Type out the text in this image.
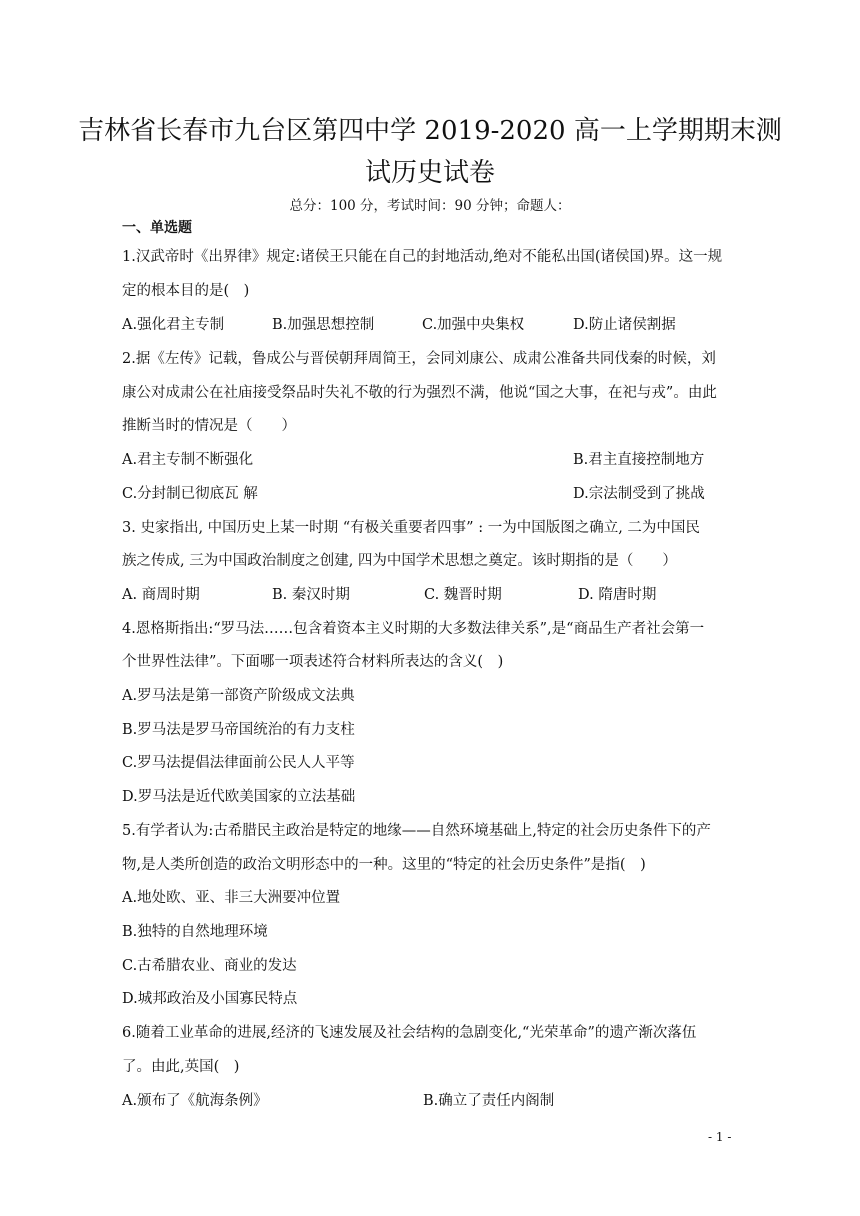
吉林省长春市九台区第四中学 2019-2020 高一上学期期末测
试历史试卷
总分：100 分，考试时间：90 分钟；命题人：
一、单选题
1.汉武帝时《出界律》规定:诸侯王只能在自己的封地活动,绝对不能私出国(诸侯国)界。这一规
定的根本目的是(　)
A.强化君主专制	B.加强思想控制	C.加强中央集权	D.防止诸侯割据
2.据《左传》记载，鲁成公与晋侯朝拜周简王，会同刘康公、成肃公准备共同伐秦的时候，刘
康公对成肃公在社庙接受祭品时失礼不敬的行为强烈不满，他说“国之大事，在祀与戎”。由此
推断当时的情况是（　　）
A.君主专制不断强化	B.君主直接控制地方
C.分封制已彻底瓦 解	D.宗法制受到了挑战
3. 史家指出, 中国历史上某一时期 “有极关重要者四事” : 一为中国版图之确立, 二为中国民
族之传成, 三为中国政治制度之创建, 四为中国学术思想之奠定。该时期指的是（　　）
A. 商周时期	B. 秦汉时期	C. 魏晋时期	D. 隋唐时期
4.恩格斯指出:“罗马法……包含着资本主义时期的大多数法律关系”,是“商品生产者社会第一
个世界性法律”。下面哪一项表述符合材料所表达的含义(　)
A.罗马法是第一部资产阶级成文法典
B.罗马法是罗马帝国统治的有力支柱
C.罗马法提倡法律面前公民人人平等
D.罗马法是近代欧美国家的立法基础
5.有学者认为:古希腊民主政治是特定的地缘——自然环境基础上,特定的社会历史条件下的产
物,是人类所创造的政治文明形态中的一种。这里的“特定的社会历史条件”是指(　)
A.地处欧、亚、非三大洲要冲位置
B.独特的自然地理环境
C.古希腊农业、商业的发达
D.城邦政治及小国寡民特点
6.随着工业革命的进展,经济的飞速发展及社会结构的急剧变化,“光荣革命”的遗产渐次落伍
了。由此,英国(　)
A.颁布了《航海条例》	B.确立了责任内阁制
- 1 -
